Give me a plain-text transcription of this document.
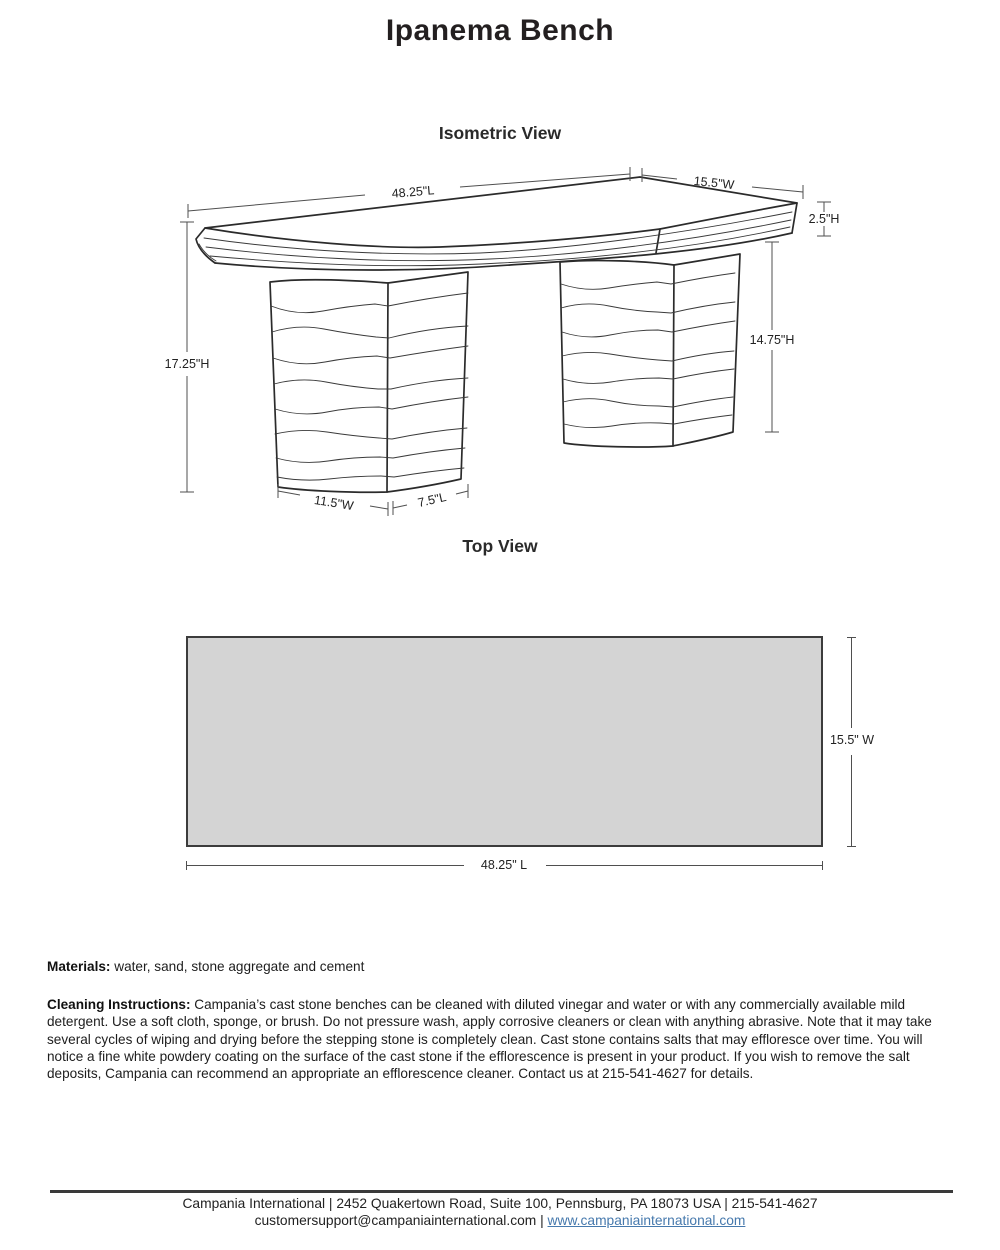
Ipanema Bench
Isometric View
48.25"L	15.5"W
2.5"H
14.75"H
17.25"H
11.5"W	7.5"L
Top View
15.5" W
48.25" L

Materials: water, sand, stone aggregate and cement

Cleaning Instructions: Campania’s cast stone benches can be cleaned with diluted vinegar and water or with any commercially available mild detergent. Use a soft cloth, sponge, or brush. Do not pressure wash, apply corrosive cleaners or clean with anything abrasive. Note that it may take several cycles of wiping and drying before the stepping stone is completely clean. Cast stone contains salts that may effloresce over time. You will notice a fine white powdery coating on the surface of the cast stone if the efflorescence is present in your product. If you wish to remove the salt deposits, Campania can recommend an appropriate an efflorescence cleaner. Contact us at 215-541-4627 for details.

Campania International | 2452 Quakertown Road, Suite 100, Pennsburg, PA 18073 USA | 215-541-4627
customersupport@campaniainternational.com | www.campaniainternational.com
